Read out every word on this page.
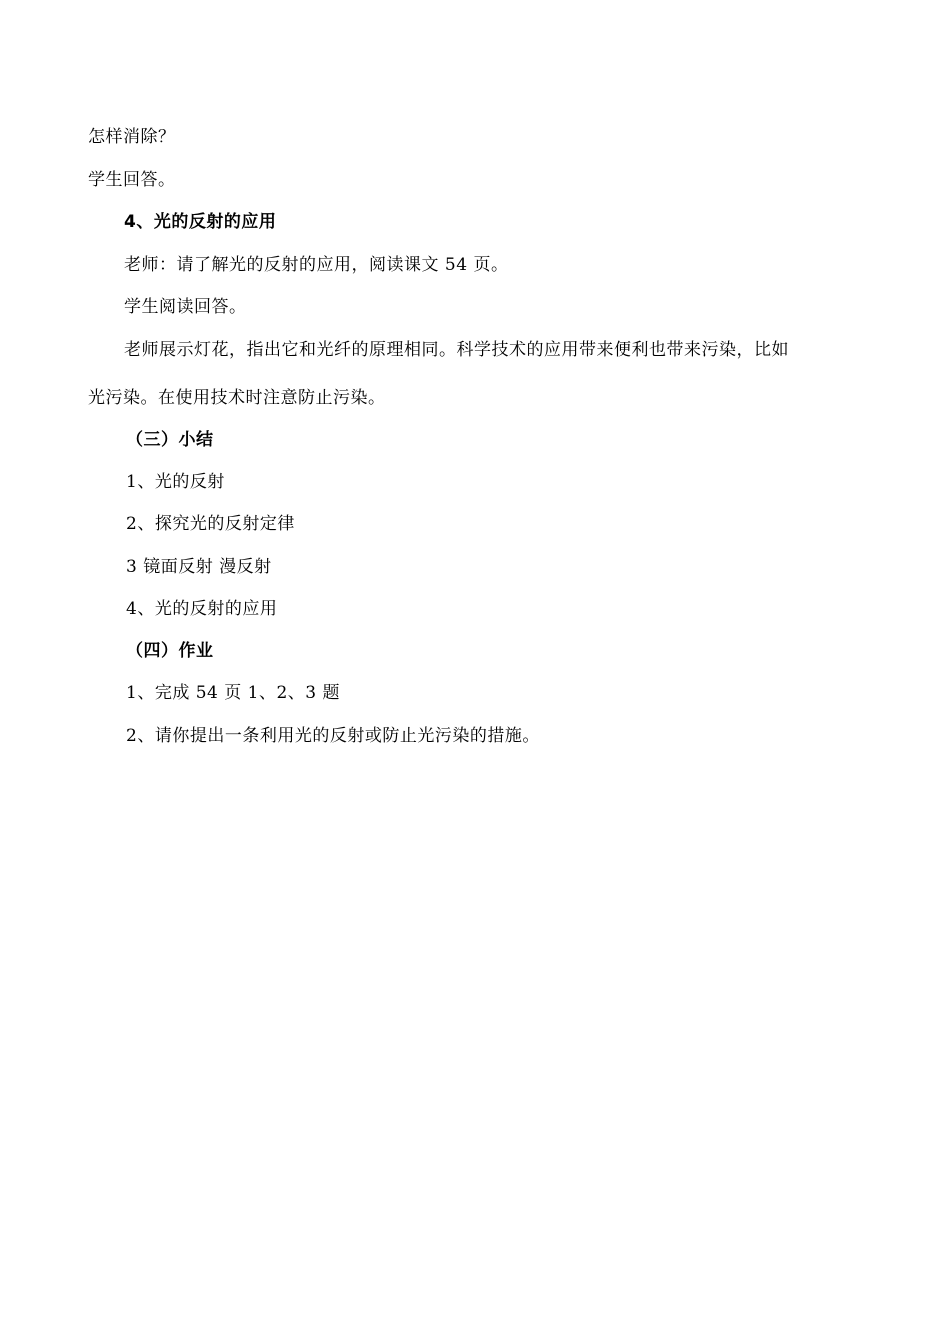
怎样消除？
学生回答。
4、光的反射的应用
老师：请了解光的反射的应用，阅读课文 54 页。
学生阅读回答。
老师展示灯花，指出它和光纤的原理相同。科学技术的应用带来便利也带来污染，比如
光污染。在使用技术时注意防止污染。
（三）小结
1、光的反射
2、探究光的反射定律
3 镜面反射 漫反射
4、光的反射的应用
（四）作业
1、完成 54 页 1、2、3 题
2、请你提出一条利用光的反射或防止光污染的措施。
